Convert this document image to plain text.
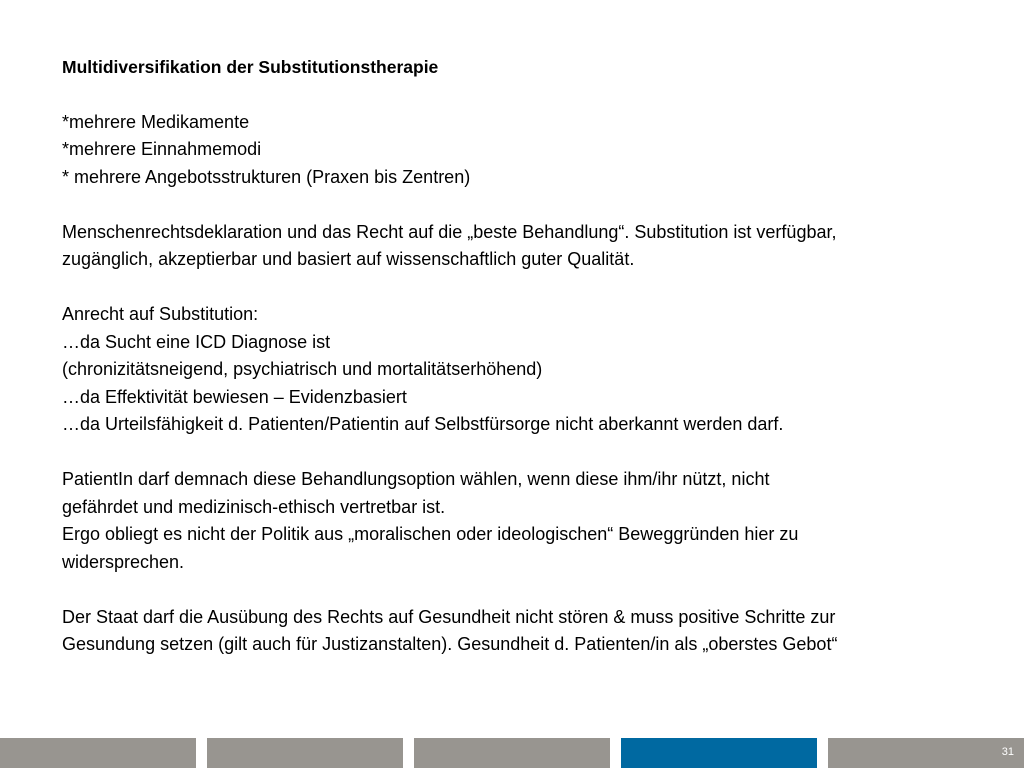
Multidiversifikation der Substitutionstherapie

*mehrere Medikamente
*mehrere Einnahmemodi
* mehrere Angebotsstrukturen (Praxen bis Zentren)
Menschenrechtsdeklaration und das Recht auf die „beste Behandlung“. Substitution ist verfügbar,
zugänglich, akzeptierbar und basiert auf wissenschaftlich guter Qualität.
Anrecht auf Substitution:
…da Sucht eine ICD Diagnose ist
(chronizitätsneigend, psychiatrisch und mortalitätserhöhend)
…da Effektivität bewiesen – Evidenzbasiert
…da Urteilsfähigkeit d. Patienten/Patientin auf Selbstfürsorge nicht aberkannt werden darf.
PatientIn darf demnach diese Behandlungsoption wählen, wenn diese ihm/ihr nützt, nicht
gefährdet und medizinisch-ethisch vertretbar ist.
Ergo obliegt es nicht der Politik aus „moralischen oder ideologischen“ Beweggründen hier zu
widersprechen.
Der Staat darf die Ausübung des Rechts auf Gesundheit nicht stören & muss positive Schritte zur
Gesundung setzen (gilt auch für Justizanstalten). Gesundheit d. Patienten/in als „oberstes Gebot“
31
